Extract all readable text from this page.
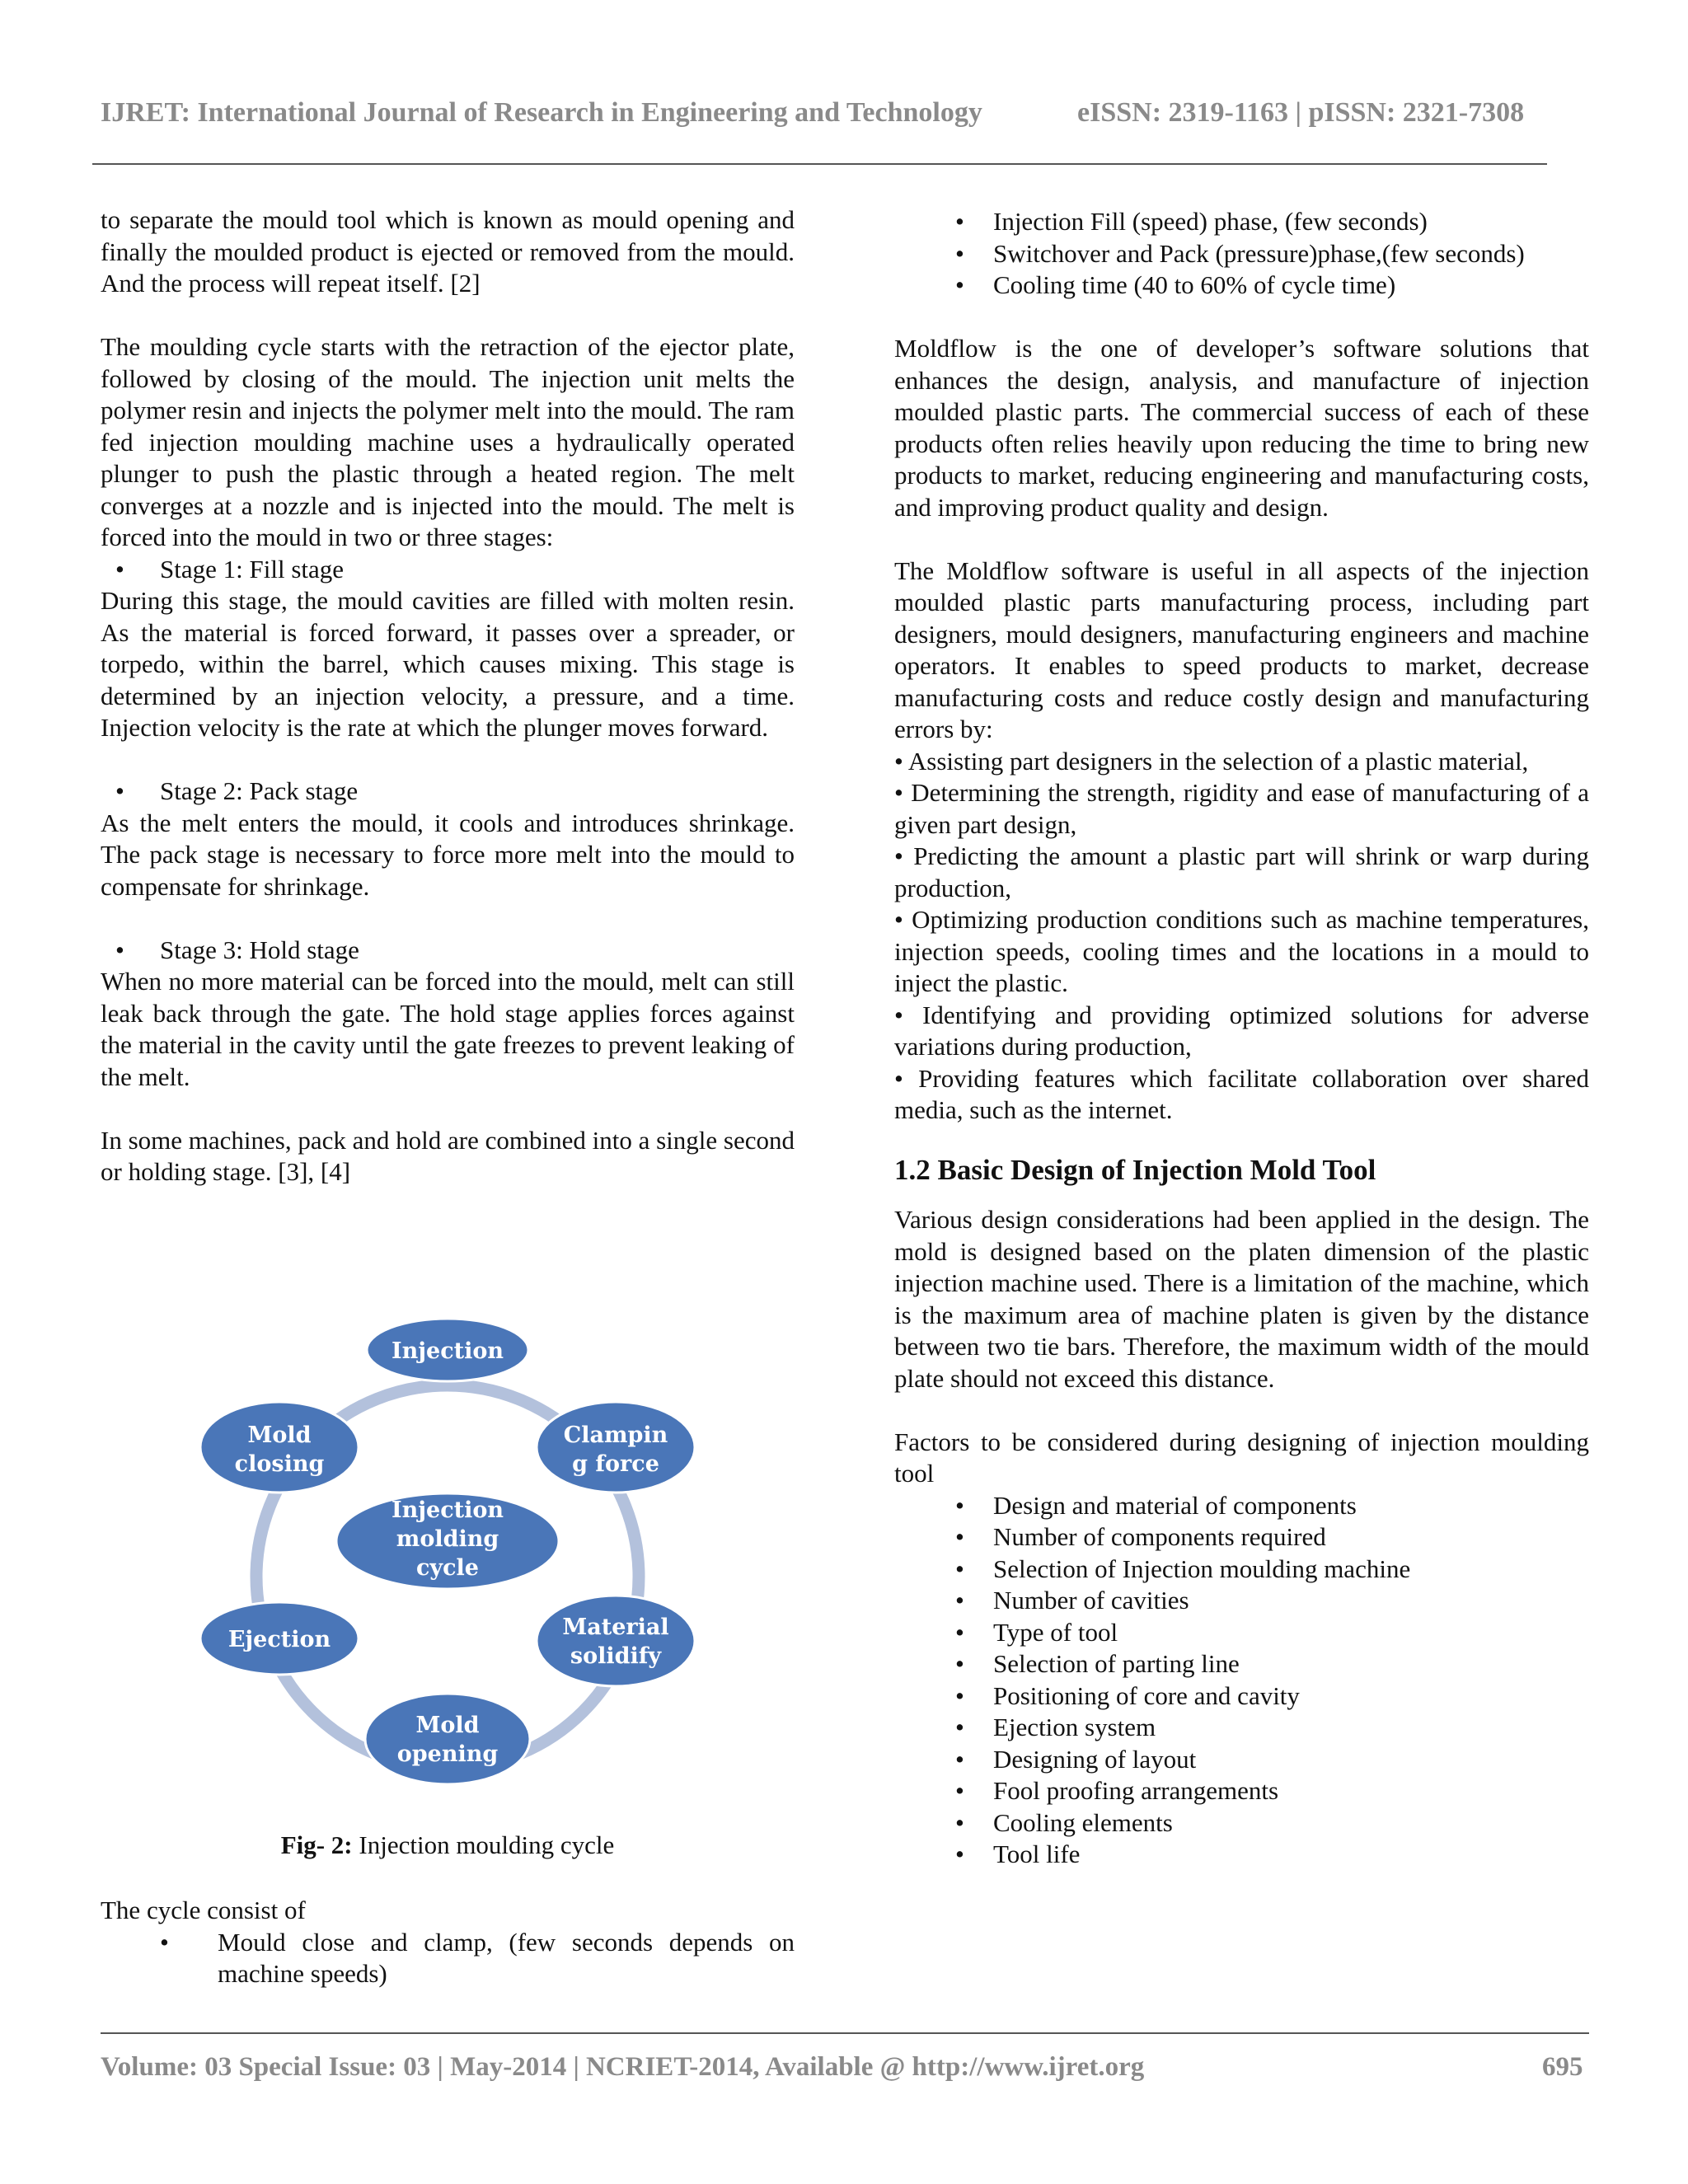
IJRET: International Journal of Research in Engineering and Technology	eISSN: 2319-1163 | pISSN: 2321-7308

to separate the mould tool which is known as mould opening and finally the moulded product is ejected or removed from the mould. And the process will repeat itself. [2]

The moulding cycle starts with the retraction of the ejector plate, followed by closing of the mould. The injection unit melts the polymer resin and injects the polymer melt into the mould. The ram fed injection moulding machine uses a hydraulically operated plunger to push the plastic through a heated region. The melt converges at a nozzle and is injected into the mould. The melt is forced into the mould in two or three stages:

• Stage 1: Fill stage

During this stage, the mould cavities are filled with molten resin. As the material is forced forward, it passes over a spreader, or torpedo, within the barrel, which causes mixing. This stage is determined by an injection velocity, a pressure, and a time. Injection velocity is the rate at which the plunger moves forward.

• Stage 2: Pack stage

As the melt enters the mould, it cools and introduces shrinkage. The pack stage is necessary to force more melt into the mould to compensate for shrinkage.

• Stage 3: Hold stage

When no more material can be forced into the mould, melt can still leak back through the gate. The hold stage applies forces against the material in the cavity until the gate freezes to prevent leaking of the melt.

In some machines, pack and hold are combined into a single second or holding stage. [3], [4]

Injection
Clampin
g force
Material
solidify
Mold
opening
Ejection
Mold
closing
Injection
molding
cycle
Fig- 2: Injection moulding cycle

The cycle consist of

• Mould close and clamp, (few seconds depends on machine speeds)

• Injection Fill (speed) phase, (few seconds)

• Switchover and Pack (pressure)phase,(few seconds)

• Cooling time (40 to 60% of cycle time)

Moldflow is the one of developer’s software solutions that enhances the design, analysis, and manufacture of injection moulded plastic parts. The commercial success of each of these products often relies heavily upon reducing the time to bring new products to market, reducing engineering and manufacturing costs, and improving product quality and design.

The Moldflow software is useful in all aspects of the injection moulded plastic parts manufacturing process, including part designers, mould designers, manufacturing engineers and machine operators. It enables to speed products to market, decrease manufacturing costs and reduce costly design and manufacturing errors by:

• Assisting part designers in the selection of a plastic material,

• Determining the strength, rigidity and ease of manufacturing of a given part design,

• Predicting the amount a plastic part will shrink or warp during production,

• Optimizing production conditions such as machine temperatures, injection speeds, cooling times and the locations in a mould to inject the plastic.

• Identifying and providing optimized solutions for adverse variations during production,

• Providing features which facilitate collaboration over shared media, such as the internet.

1.2 Basic Design of Injection Mold Tool

Various design considerations had been applied in the design. The mold is designed based on the platen dimension of the plastic injection machine used. There is a limitation of the machine, which is the maximum area of machine platen is given by the distance between two tie bars. Therefore, the maximum width of the mould plate should not exceed this distance.

Factors to be considered during designing of injection moulding tool

• Design and material of components

• Number of components required

• Selection of Injection moulding machine

• Number of cavities

• Type of tool

• Selection of parting line

• Positioning of core and cavity

• Ejection system

• Designing of layout

• Fool proofing arrangements

• Cooling elements

• Tool life

Volume: 03 Special Issue: 03 | May-2014 | NCRIET-2014, Available @ http://www.ijret.org	695
